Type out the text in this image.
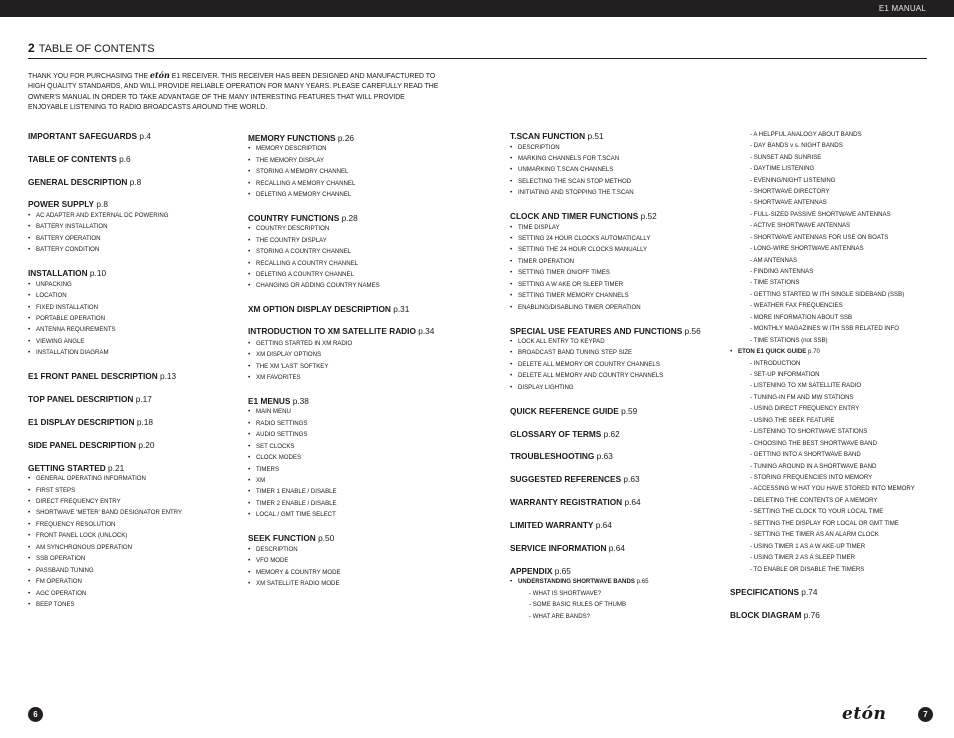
E1 MANUAL
2 TABLE OF CONTENTS
THANK YOU FOR PURCHASING THE etón E1 RECEIVER. THIS RECEIVER HAS BEEN DESIGNED AND MANUFACTURED TO HIGH QUALITY STANDARDS, AND WILL PROVIDE RELIABLE OPERATION FOR MANY YEARS. PLEASE CAREFULLY READ THE OWNER'S MANUAL IN ORDER TO TAKE ADVANTAGE OF THE MANY INTERESTING FEATURES THAT WILL PROVIDE ENJOYABLE LISTENING TO RADIO BROADCASTS AROUND THE WORLD.
IMPORTANT SAFEGUARDS p.4
TABLE OF CONTENTS p.6
GENERAL DESCRIPTION p.8
POWER SUPPLY p.8
• AC ADAPTER AND EXTERNAL DC POWERING
• BATTERY INSTALLATION
• BATTERY OPERATION
• BATTERY CONDITION
INSTALLATION p.10
• UNPACKING
• LOCATION
• FIXED INSTALLATION
• PORTABLE OPERATION
• ANTENNA REQUIREMENTS
• VIEWING ANGLE
• INSTALLATION DIAGRAM
E1 FRONT PANEL DESCRIPTION p.13
TOP PANEL DESCRIPTION p.17
E1 DISPLAY DESCRIPTION p.18
SIDE PANEL DESCRIPTION p.20
GETTING STARTED p.21
• GENERAL OPERATING INFORMATION
• FIRST STEPS
• DIRECT FREQUENCY ENTRY
• SHORTWAVE 'METER' BAND DESIGNATOR ENTRY
• FREQUENCY RESOLUTION
• FRONT PANEL LOCK (UNLOCK)
• AM SYNCHRONOUS OPERATION
• SSB OPERATION
• PASSBAND TUNING
• FM OPERATION
• AGC OPERATION
• BEEP TONES
MEMORY FUNCTIONS p.26
• MEMORY DESCRIPTION
• THE MEMORY DISPLAY
• STORING A MEMORY CHANNEL
• RECALLING A MEMORY CHANNEL
• DELETING A MEMORY CHANNEL
COUNTRY FUNCTIONS p.28
• COUNTRY DESCRIPTION
• THE COUNTRY DISPLAY
• STORING A COUNTRY CHANNEL
• RECALLING A COUNTRY CHANNEL
• DELETING A COUNTRY CHANNEL
• CHANGING OR ADDING COUNTRY NAMES
XM OPTION DISPLAY DESCRIPTION p.31
INTRODUCTION TO XM SATELLITE RADIO p.34
• GETTING STARTED IN XM RADIO
• XM DISPLAY OPTIONS
• THE XM 'LAST' SOFTKEY
• XM FAVORITES
E1 MENUS p.38
• MAIN MENU
• RADIO SETTINGS
• AUDIO SETTINGS
• SET CLOCKS
• CLOCK MODES
• TIMERS
• XM
• TIMER 1 ENABLE / DISABLE
• TIMER 2 ENABLE / DISABLE
• LOCAL / GMT TIME SELECT
SEEK FUNCTION p.50
• DESCRIPTION
• VFO MODE
• MEMORY & COUNTRY MODE
• XM SATELLITE RADIO MODE
T.SCAN FUNCTION p.51
• DESCRIPTION
• MARKING CHANNELS FOR T.SCAN
• UNMARKING T.SCAN CHANNELS
• SELECTING THE SCAN STOP METHOD
• INITIATING AND STOPPING THE T.SCAN
CLOCK AND TIMER FUNCTIONS p.52
• TIME DISPLAY
• SETTING 24 HOUR CLOCKS AUTOMATICALLY
• SETTING THE 24 HOUR CLOCKS MANUALLY
• TIMER OPERATION
• SETTING TIMER ON/OFF TIMES
• SETTING A W AKE OR SLEEP TIMER
• SETTING TIMER MEMORY CHANNELS
• ENABLING/DISABLING TIMER OPERATION
SPECIAL USE FEATURES AND FUNCTIONS p.56
• LOCK ALL ENTRY TO KEYPAD
• BROADCAST BAND TUNING STEP SIZE
• DELETE ALL MEMORY OR COUNTRY CHANNELS
• DELETE ALL MEMORY AND COUNTRY CHANNELS
• DISPLAY LIGHTING
QUICK REFERENCE GUIDE p.59
GLOSSARY OF TERMS p.62
TROUBLESHOOTING p.63
SUGGESTED REFERENCES p.63
WARRANTY REGISTRATION p.64
LIMITED WARRANTY p.64
SERVICE INFORMATION p.64
APPENDIX p.65
• UNDERSTANDING SHORTWAVE BANDS p.65
- WHAT IS SHORTWAVE?
- SOME BASIC RULES OF THUMB
- WHAT ARE BANDS?
- A HELPFUL ANALOGY ABOUT BANDS
- DAY BANDS v s. NIGHT BANDS
- SUNSET AND SUNRISE
- DAYTIME LISTENING
- EVENING/NIGHT LISTENING
- SHORTWAVE DIRECTORY
- SHORTWAVE ANTENNAS
- FULL-SIZED PASSIVE SHORTWAVE ANTENNAS
- ACTIVE SHORTWAVE ANTENNAS
- SHORTWAVE ANTENNAS FOR USE ON BOATS
- LONG-WIRE SHORTWAVE ANTENNAS
- AM ANTENNAS
- FINDING ANTENNAS
- TIME STATIONS
- GETTING STARTED W ITH SINGLE SIDEBAND (SSB)
- WEATHER FAX FREQUENCIES
- MORE INFORMATION ABOUT SSB
- MONTHLY MAGAZINES W ITH SSB RELATED INFO
- TIME STATIONS (not SSB)
• ETON E1 QUICK GUIDE p.70
- INTRODUCTION
- SET-UP INFORMATION
- LISTENING TO XM SATELLITE RADIO
- TUNING-IN FM AND MW STATIONS
- USING DIRECT FREQUENCY ENTRY
- USING THE SEEK FEATURE
- LISTENING TO SHORTWAVE STATIONS
- CHOOSING THE BEST SHORTWAVE BAND
- GETTING INTO A SHORTWAVE BAND
- TUNING AROUND IN A SHORTWAVE BAND
- STORING FREQUENCIES INTO MEMORY
- ACCESSING W HAT YOU HAVE STORED INTO MEMORY
- DELETING THE CONTENTS OF A MEMORY
- SETTING THE CLOCK TO YOUR LOCAL TIME
- SETTING THE DISPLAY FOR LOCAL OR GMT TIME
- SETTING THE TIMER AS AN ALARM CLOCK
- USING TIMER 1 AS A W AKE-UP TIMER
- USING TIMER 2 AS A SLEEP TIMER
- TO ENABLE OR DISABLE THE TIMERS
SPECIFICATIONS p.74
BLOCK DIAGRAM p.76
6	etón	7
